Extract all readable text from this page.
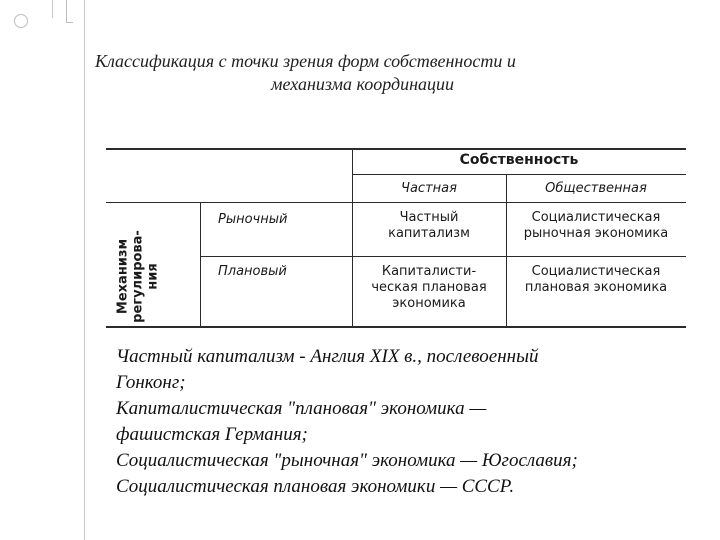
Классификация с точки зрения форм собственности и
механизма координации
Собственность
Частная	Общественная
Механизм регулирова- ния
Рыночный
Плановый
Частный
капитализм
Социалистическая
рыночная экономика
Капиталисти-
ческая плановая
экономика
Социалистическая
плановая экономика
Частный капитализм - Англия XIX в., послевоенный
Гонконг;
Капиталистическая "плановая" экономика —
фашистская Германия;
Социалистическая "рыночная" экономика — Югославия;
Социалистическая плановая экономики — СССР.
